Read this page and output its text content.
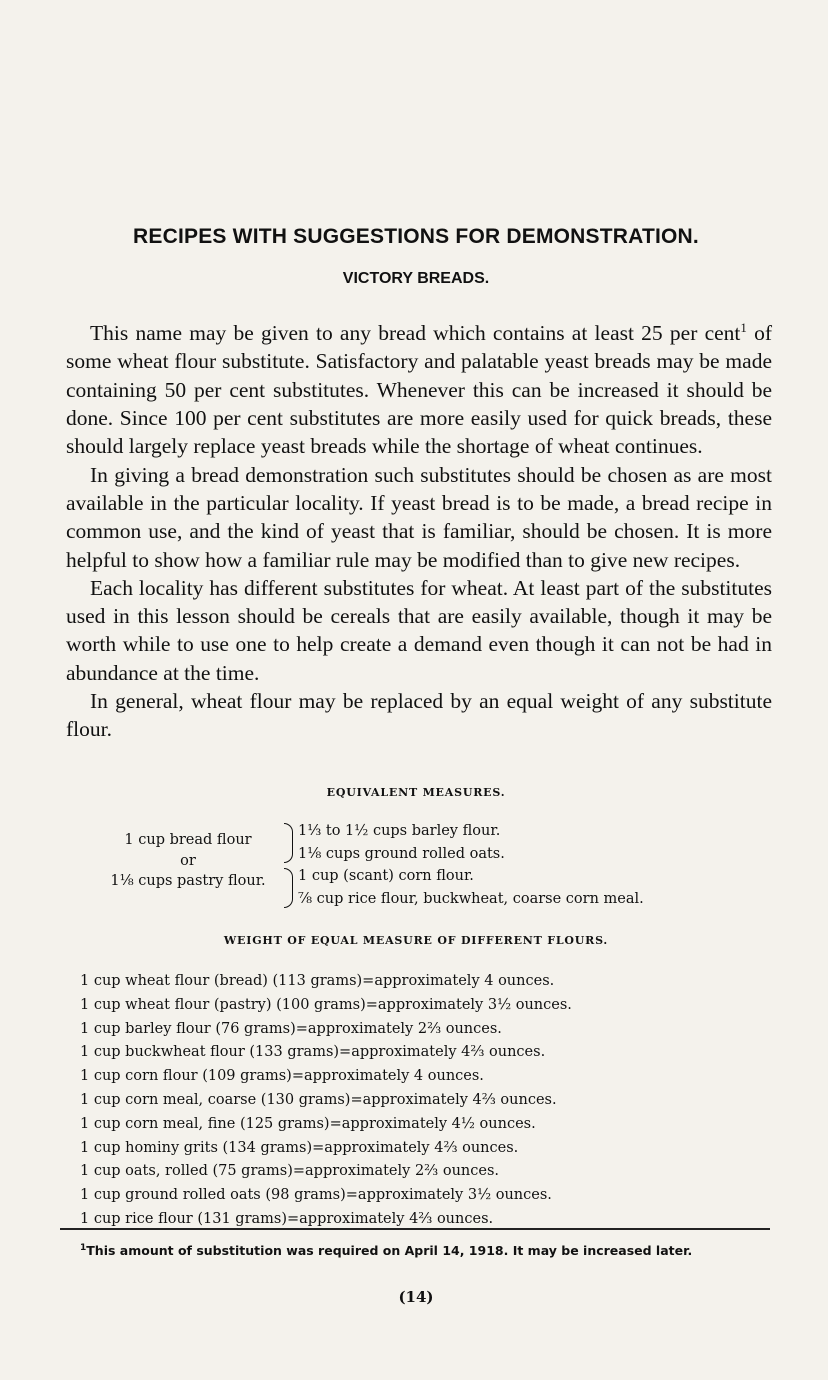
RECIPES WITH SUGGESTIONS FOR DEMONSTRATION.
VICTORY BREADS.

This name may be given to any bread which contains at least 25 per cent$^1$ of some wheat flour substitute. Satisfactory and palatable yeast breads may be made containing 50 per cent substitutes. Whenever this can be increased it should be done. Since 100 per cent substitutes are more easily used for quick breads, these should largely replace yeast breads while the shortage of wheat continues.

In giving a bread demonstration such substitutes should be chosen as are most available in the particular locality. If yeast bread is to be made, a bread recipe in common use, and the kind of yeast that is familiar, should be chosen. It is more helpful to show how a familiar rule may be modified than to give new recipes.

Each locality has different substitutes for wheat. At least part of the substitutes used in this lesson should be cereals that are easily available, though it may be worth while to use one to help create a demand even though it can not be had in abundance at the time.

In general, wheat flour may be replaced by an equal weight of any substitute flour.

EQUIVALENT MEASURES.
1 cup bread flour
or
1⅛ cups pastry flour.
1⅓ to 1½ cups barley flour.
1⅛ cups ground rolled oats.
1 cup (scant) corn flour.
⅞ cup rice flour, buckwheat, coarse corn meal.
WEIGHT OF EQUAL MEASURE OF DIFFERENT FLOURS.
1 cup wheat flour (bread) (113 grams)=approximately 4 ounces.
1 cup wheat flour (pastry) (100 grams)=approximately 3½ ounces.
1 cup barley flour (76 grams)=approximately 2⅔ ounces.
1 cup buckwheat flour (133 grams)=approximately 4⅔ ounces.
1 cup corn flour (109 grams)=approximately 4 ounces.
1 cup corn meal, coarse (130 grams)=approximately 4⅔ ounces.
1 cup corn meal, fine (125 grams)=approximately 4½ ounces.
1 cup hominy grits (134 grams)=approximately 4⅔ ounces.
1 cup oats, rolled (75 grams)=approximately 2⅔ ounces.
1 cup ground rolled oats (98 grams)=approximately 3½ ounces.
1 cup rice flour (131 grams)=approximately 4⅔ ounces.
$^1$This amount of substitution was required on April 14, 1918. It may be increased later.
(14)
